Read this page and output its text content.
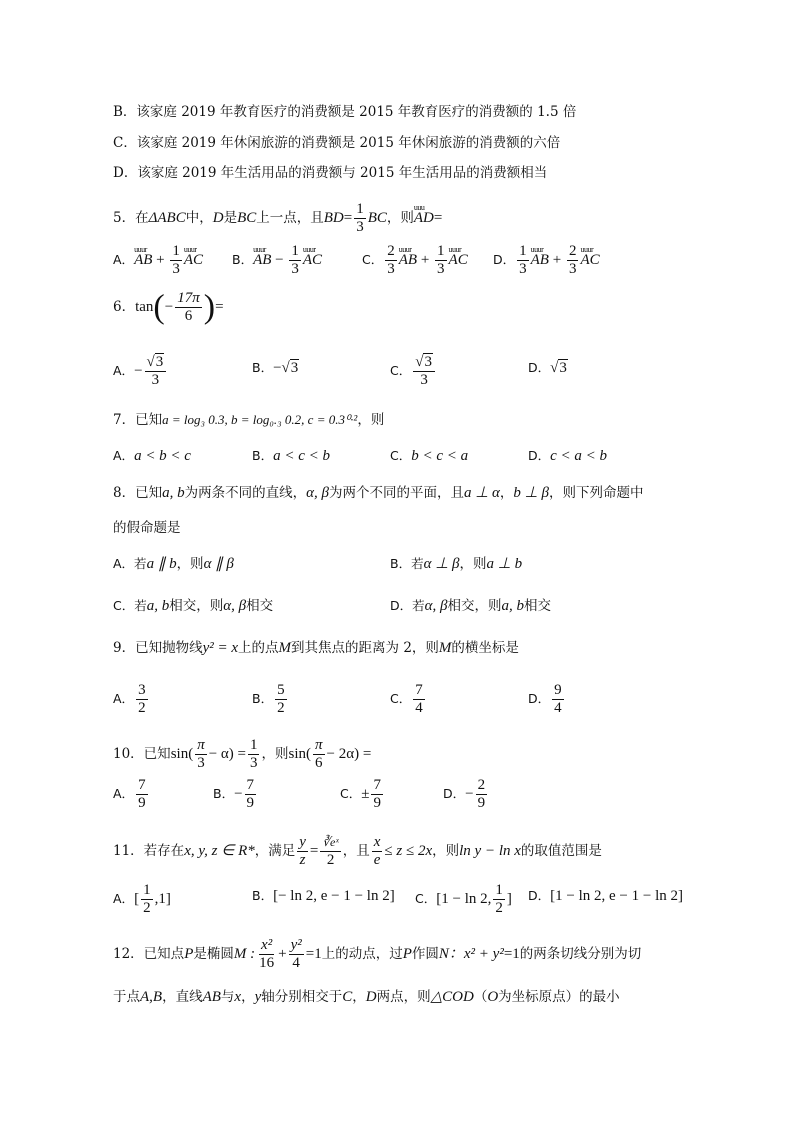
B．该家庭 2019 年教育医疗的消费额是 2015 年教育医疗的消费额的 1.5 倍
C．该家庭 2019 年休闲旅游的消费额是 2015 年休闲旅游的消费额的六倍
D．该家庭 2019 年生活用品的消费额与 2015 年生活用品的消费额相当
5．在ΔABC中，D是BC上一点，且$BD= \frac{1}{3}$ BC，则uuu AD=
A．uuur AB + $\frac{1}{3}$ uuur AC B．uuur AB − $\frac{1}{3}$ uuur AC	C． $\frac{2}{3}$ uuur AB + $\frac{1}{3}$ uuur AC D． $\frac{1}{3}$ uuur AB + $\frac{2}{3}$ uuur AC
6．$\tan(- \frac{17\pi}{6}$ )=
A．− $\frac{√3}{3}$	B．−√3	C． $\frac{√3}{3}$	D．√3
7．已知a = log₃ 0.3, b = log₀.₃ 0.2, c = 0.3⁰·²，则
A．a < b < c	B．a < c < b	C．b < c < a	D．c < a < b
8．已知a, b为两条不同的直线，α, β为两个不同的平面，且a ⊥ α，b ⊥ β，则下列命题中
的假命题是
A．若a ∥ b，则α ∥ β	B．若α ⊥ β，则a ⊥ b
C．若a, b相交，则α, β相交	D．若α, β相交，则a, b相交
9．已知抛物线y² = x上的点M到其焦点的距离为 2，则M的横坐标是
A． $\frac{3}{2}$	B． $\frac{5}{2}$	C． $\frac{7}{4}$	D． $\frac{9}{4}$
10．已知$\sin( \frac{\pi}{3} - \alpha) = \frac{1}{3}$ ，则$\sin( \frac{\pi}{6} - 2\alpha)$ =
A． $\frac{7}{9}$	B．− $\frac{7}{9}$	C．± $\frac{7}{9}$	D．− $\frac{2}{9}$
11．若存在x, y, z ∈ R*，满足 $\frac{y}{z} = \frac{\text{∛eˣ}}{2}$ ，且 $\frac{x}{e} \le z \le 2x$，则ln y − ln x的取值范围是
A．[ $\frac{1}{2} ,1$]	B．[− ln 2, e − 1 − ln 2] C．[1 − ln 2, $\frac{1}{2}$ ] D．[1 − ln 2, e − 1 − ln 2]
12．已知点P是椭圆M : $\frac{\text{x²}}{16} + \frac{\text{y²}}{4} =1$上的动点，过P作圆N：x² + y²=1的两条切线分别为切
于点A,B，直线AB与x，y轴分别相交于C，D两点，则△COD（O为坐标原点）的最小
